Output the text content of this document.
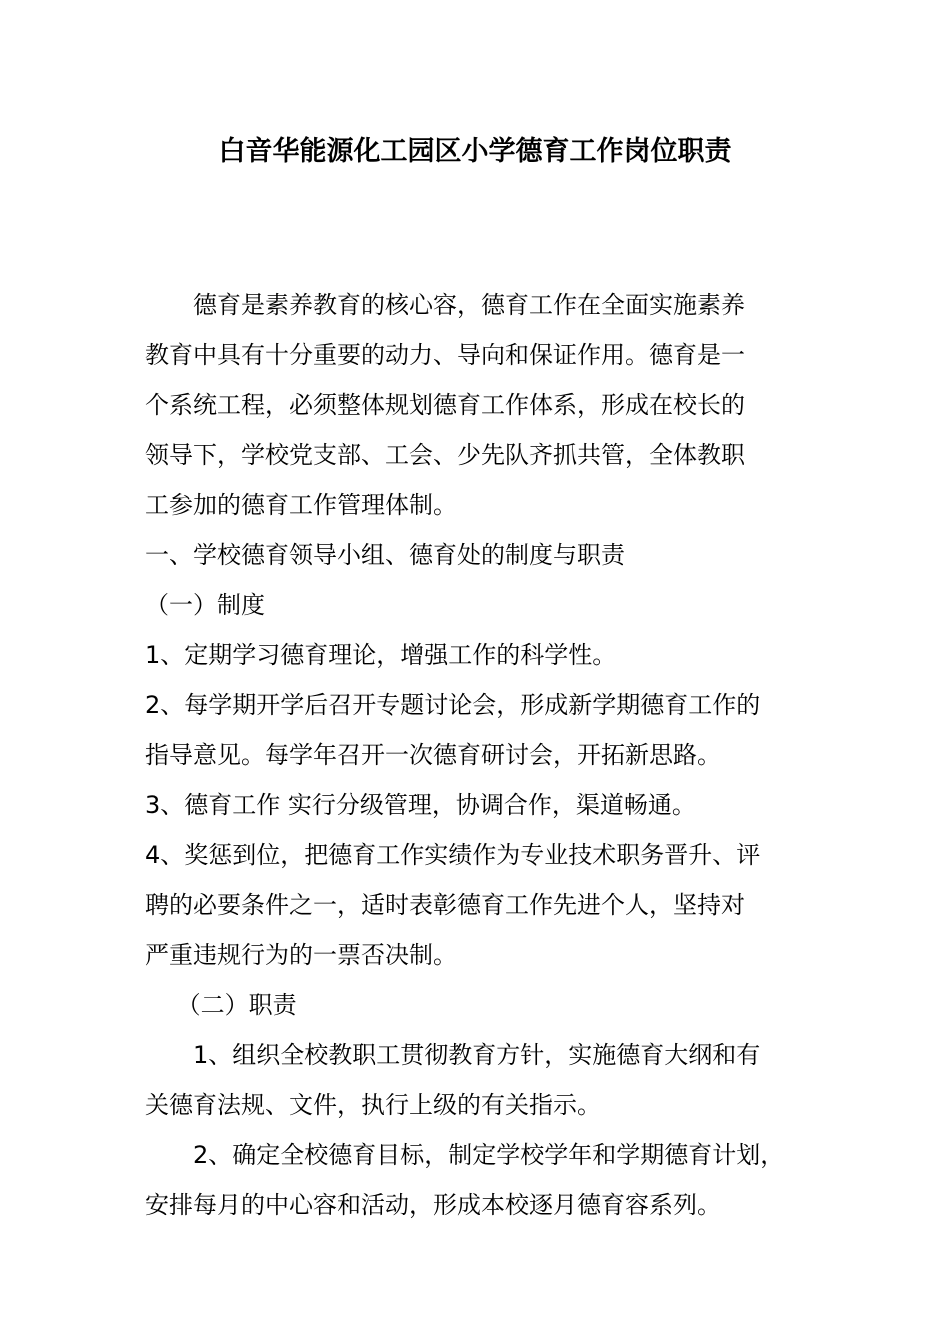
白音华能源化工园区小学德育工作岗位职责
　　德育是素养教育的核心容，德育工作在全面实施素养
教育中具有十分重要的动力、导向和保证作用。德育是一
个系统工程，必须整体规划德育工作体系，形成在校长的
领导下，学校党支部、工会、少先队齐抓共管，全体教职
工参加的德育工作管理体制。
一、学校德育领导小组、德育处的制度与职责
（一）制度
1、定期学习德育理论，增强工作的科学性。
2、每学期开学后召开专题讨论会，形成新学期德育工作的
指导意见。每学年召开一次德育研讨会，开拓新思路。
3、德育工作 实行分级管理，协调合作，渠道畅通。
4、奖惩到位，把德育工作实绩作为专业技术职务晋升、评
聘的必要条件之一，适时表彰德育工作先进个人，坚持对
严重违规行为的一票否决制。
　 （二）职责
　　1、组织全校教职工贯彻教育方针，实施德育大纲和有
关德育法规、文件，执行上级的有关指示。
　　2、确定全校德育目标，制定学校学年和学期德育计划，
安排每月的中心容和活动，形成本校逐月德育容系列。
